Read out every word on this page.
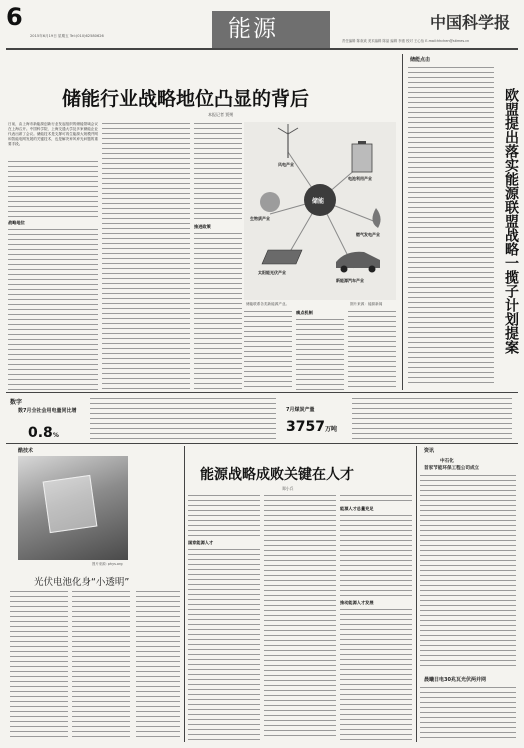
6
2015年6月19日 星期五 Tel:(010)62580626	能源	中国科学报
责任编辑 陈欢欢 美术编辑 陈晶 编辑 李惠 校对 王心怡 E-mail:hhchen@stimes.cn
储能行业战略地位凸显的背后
本报记者 贾朔
日前，由上海市新能源创新行业发起组织的储能领域会议在上海召开。中国科学院、上海交通大学及多家储能企业代表出席了会议。储能技术是支撑可再生能源大规模并网和智能电网发展的关键技术，也是解决弃风弃光问题的重要手段。
战略地位
推进政策
储能
风电产业
电池利用产业
生物质产业
太阳能光伏产业
新能源汽车产业
燃气发电产业
储能联系各类新能源产业。	图片来源：能源新闻
痛点机制
储能点击
欧盟提出落实能源联盟战略一揽子计划提案
数字
数7月全社会用电量同比增
0.8%
7月煤炭产量
3757万吨
酷技术
图片来源: phys.org
光伏电池化身“小透明”
能源战略成败关键在人才
郑小兵
国家能源人才
能源人才总量充足
推动能源人才发展
资讯
中石化
首家节能环保工程公司成立
晨曦日电30兆瓦光伏两并网
